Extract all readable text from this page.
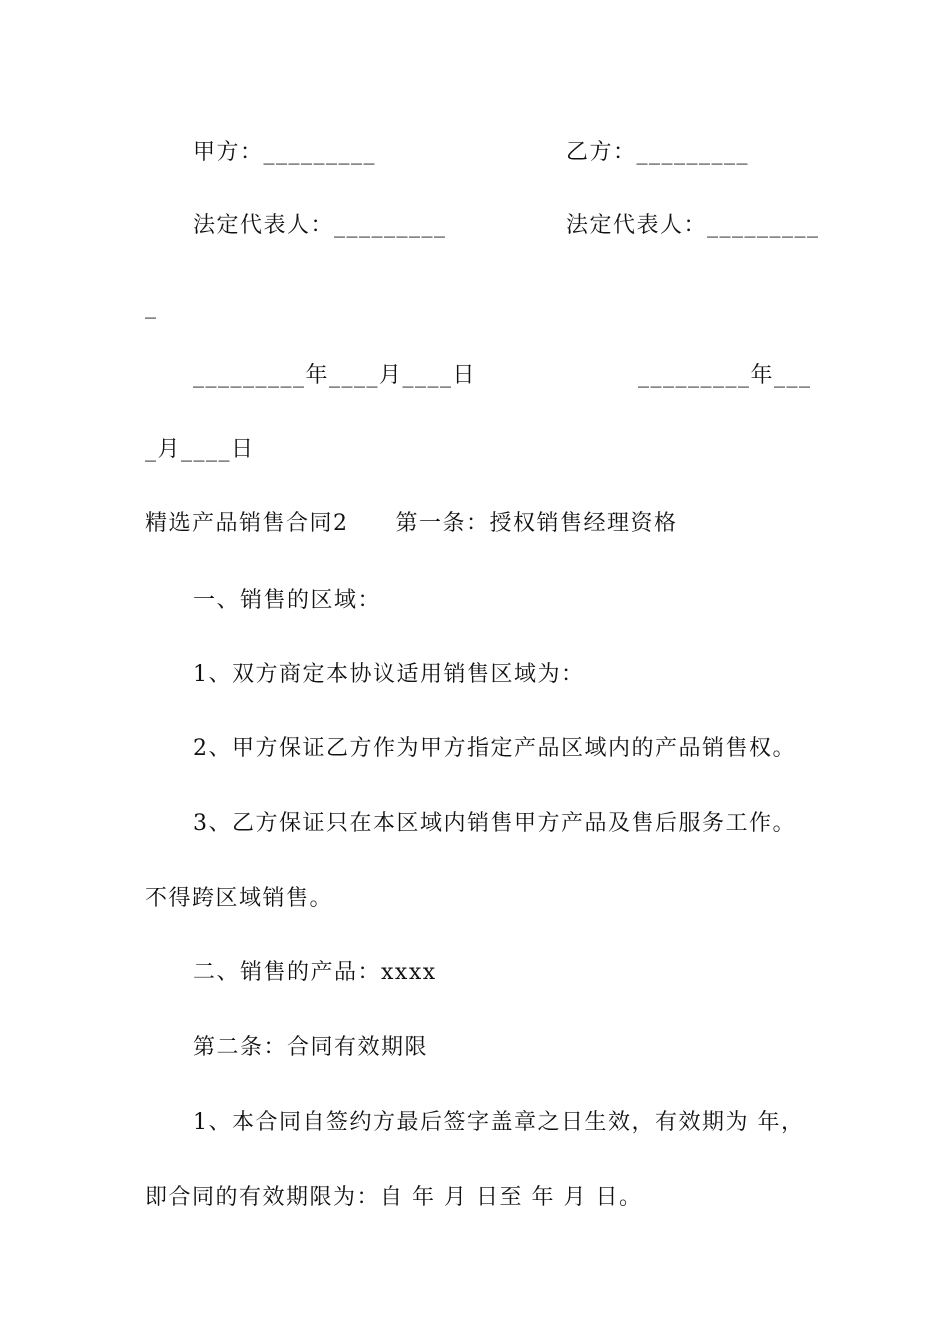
甲方：_________	乙方：_________
法定代表人：_________	法定代表人：_________
_
_________年____月____日	_________年___
_月____日
精选产品销售合同2　　第一条：授权销售经理资格
一、销售的区域：
1、双方商定本协议适用销售区域为：
2、甲方保证乙方作为甲方指定产品区域内的产品销售权。
3、乙方保证只在本区域内销售甲方产品及售后服务工作。
不得跨区域销售。
二、销售的产品：xxxx
第二条：合同有效期限
1、本合同自签约方最后签字盖章之日生效，有效期为 年，
即合同的有效期限为：自 年 月 日至 年 月 日。
